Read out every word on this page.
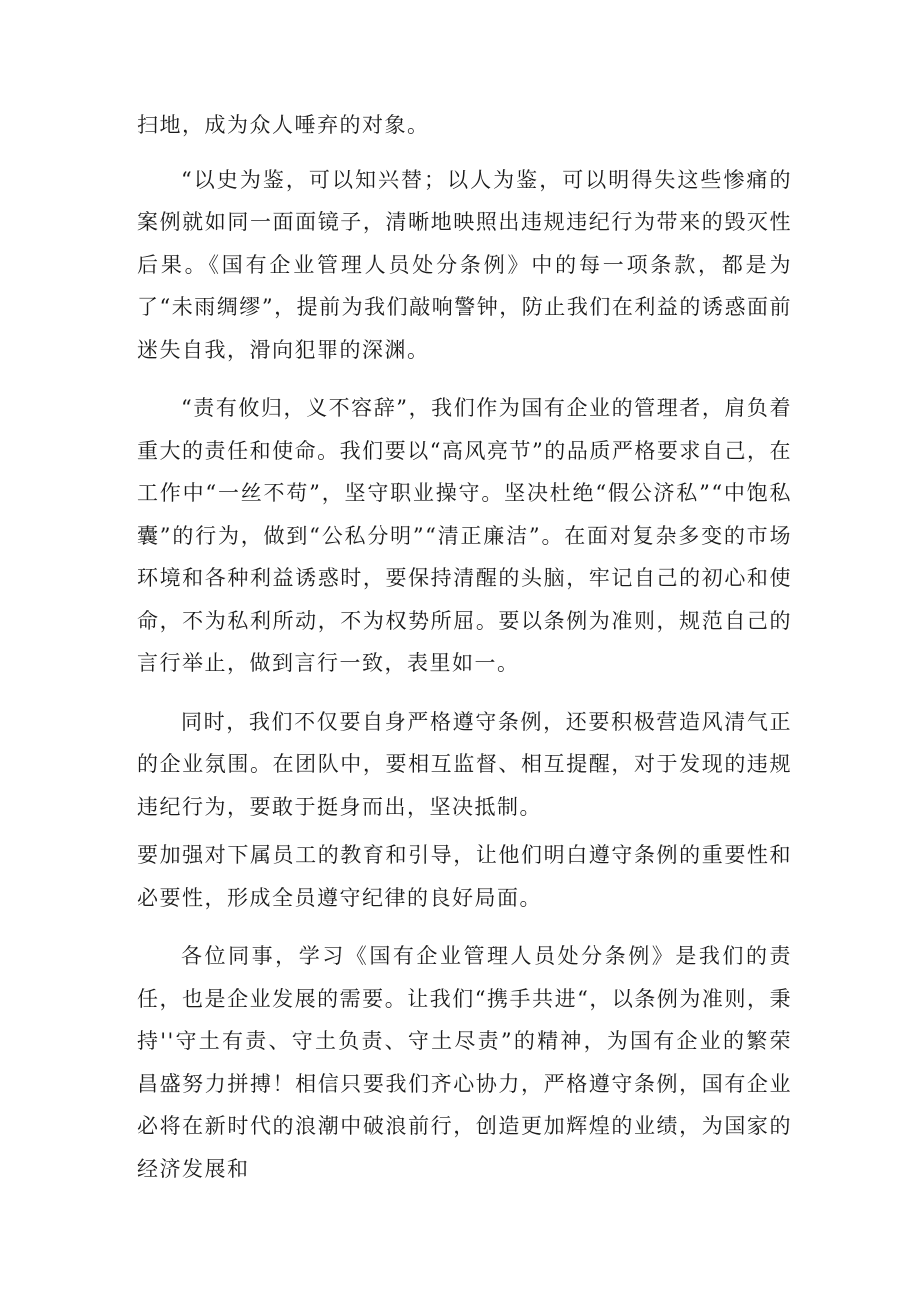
扫地，成为众人唾弃的对象。

“以史为鉴，可以知兴替；以人为鉴，可以明得失这些惨痛的案例就如同一面面镜子，清晰地映照出违规违纪行为带来的毁灭性后果。《国有企业管理人员处分条例》中的每一项条款，都是为了“未雨绸缪”，提前为我们敲响警钟，防止我们在利益的诱惑面前迷失自我，滑向犯罪的深渊。

“责有攸归，义不容辞”，我们作为国有企业的管理者，肩负着重大的责任和使命。我们要以“高风亮节”的品质严格要求自己，在工作中“一丝不苟”，坚守职业操守。坚决杜绝“假公济私”“中饱私囊”的行为，做到“公私分明”“清正廉洁”。在面对复杂多变的市场环境和各种利益诱惑时，要保持清醒的头脑，牢记自己的初心和使命，不为私利所动，不为权势所屈。要以条例为准则，规范自己的言行举止，做到言行一致，表里如一。

同时，我们不仅要自身严格遵守条例，还要积极营造风清气正的企业氛围。在团队中，要相互监督、相互提醒，对于发现的违规违纪行为，要敢于挺身而出，坚决抵制。

要加强对下属员工的教育和引导，让他们明白遵守条例的重要性和必要性，形成全员遵守纪律的良好局面。

各位同事，学习《国有企业管理人员处分条例》是我们的责任，也是企业发展的需要。让我们“携手共进“，以条例为准则，秉持''守土有责、守土负责、守土尽责”的精神，为国有企业的繁荣昌盛努力拼搏！相信只要我们齐心协力，严格遵守条例，国有企业必将在新时代的浪潮中破浪前行，创造更加辉煌的业绩，为国家的经济发展和
